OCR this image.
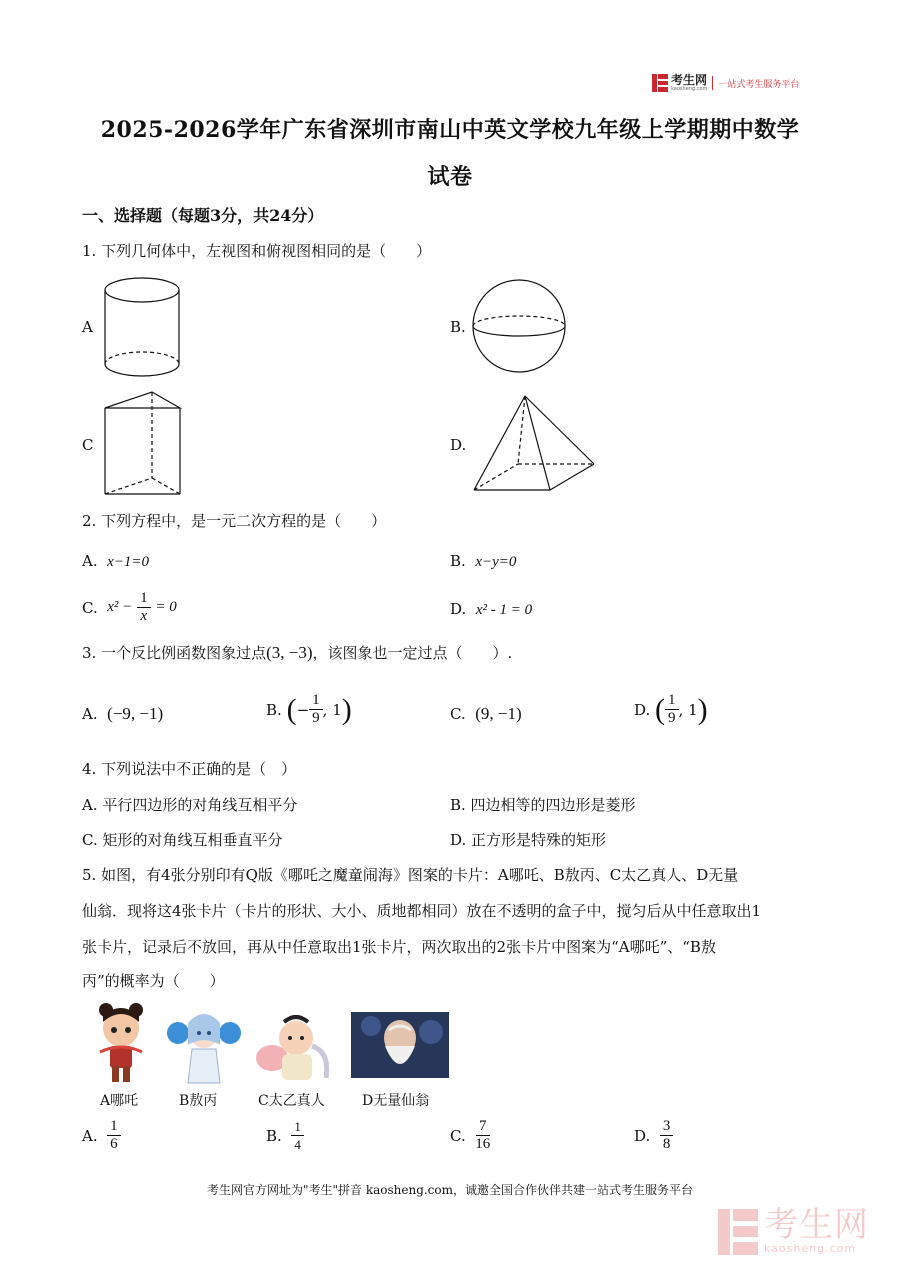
考生网
kaosheng.com 一站式考生服务平台
2025-2026学年广东省深圳市南山中英文学校九年级上学期期中数学
试卷
一、选择题（每题3分，共24分）
1. 下列几何体中，左视图和俯视图相同的是（　　）
A	B.
C	D.
2. 下列方程中，是一元二次方程的是（　　）
A. x−1=0	B. x−y=0
C.
x² −
$\frac{1}{x}$
= 0	D. x² - 1 = 0
3. 一个反比例函数图象过点 (3, −3) ，该图象也一定过点（　　）.
A. (−9, −1)	B.
( − $\frac{1}{9}$ , 1 )	C. (9, −1)	D.
( $\frac{1}{9}$ , 1 )
4. 下列说法中不正确的是（　）
A. 平行四边形的对角线互相平分	B. 四边相等的四边形是菱形
C. 矩形的对角线互相垂直平分	D. 正方形是特殊的矩形
5. 如图，有4张分别印有Q版《哪吒之魔童闹海》图案的卡片：A哪吒、B敖丙、C太乙真人、D无量
仙翁．现将这4张卡片（卡片的形状、大小、质地都相同）放在不透明的盒子中，搅匀后从中任意取出1
张卡片，记录后不放回，再从中任意取出1张卡片，两次取出的2张卡片中图案为“A哪吒”、“B敖
丙”的概率为（　　）
A哪吒	B敖丙	C太乙真人	D无量仙翁
A.
$\frac{1}{6}$	B.
$\frac{1}{4}$	C.
$\frac{7}{16}$	D.
$\frac{3}{8}$
考生网官方网址为"考生"拼音 kaosheng.com，诚邀全国合作伙伴共建一站式考生服务平台
考生网
kaosheng.com
